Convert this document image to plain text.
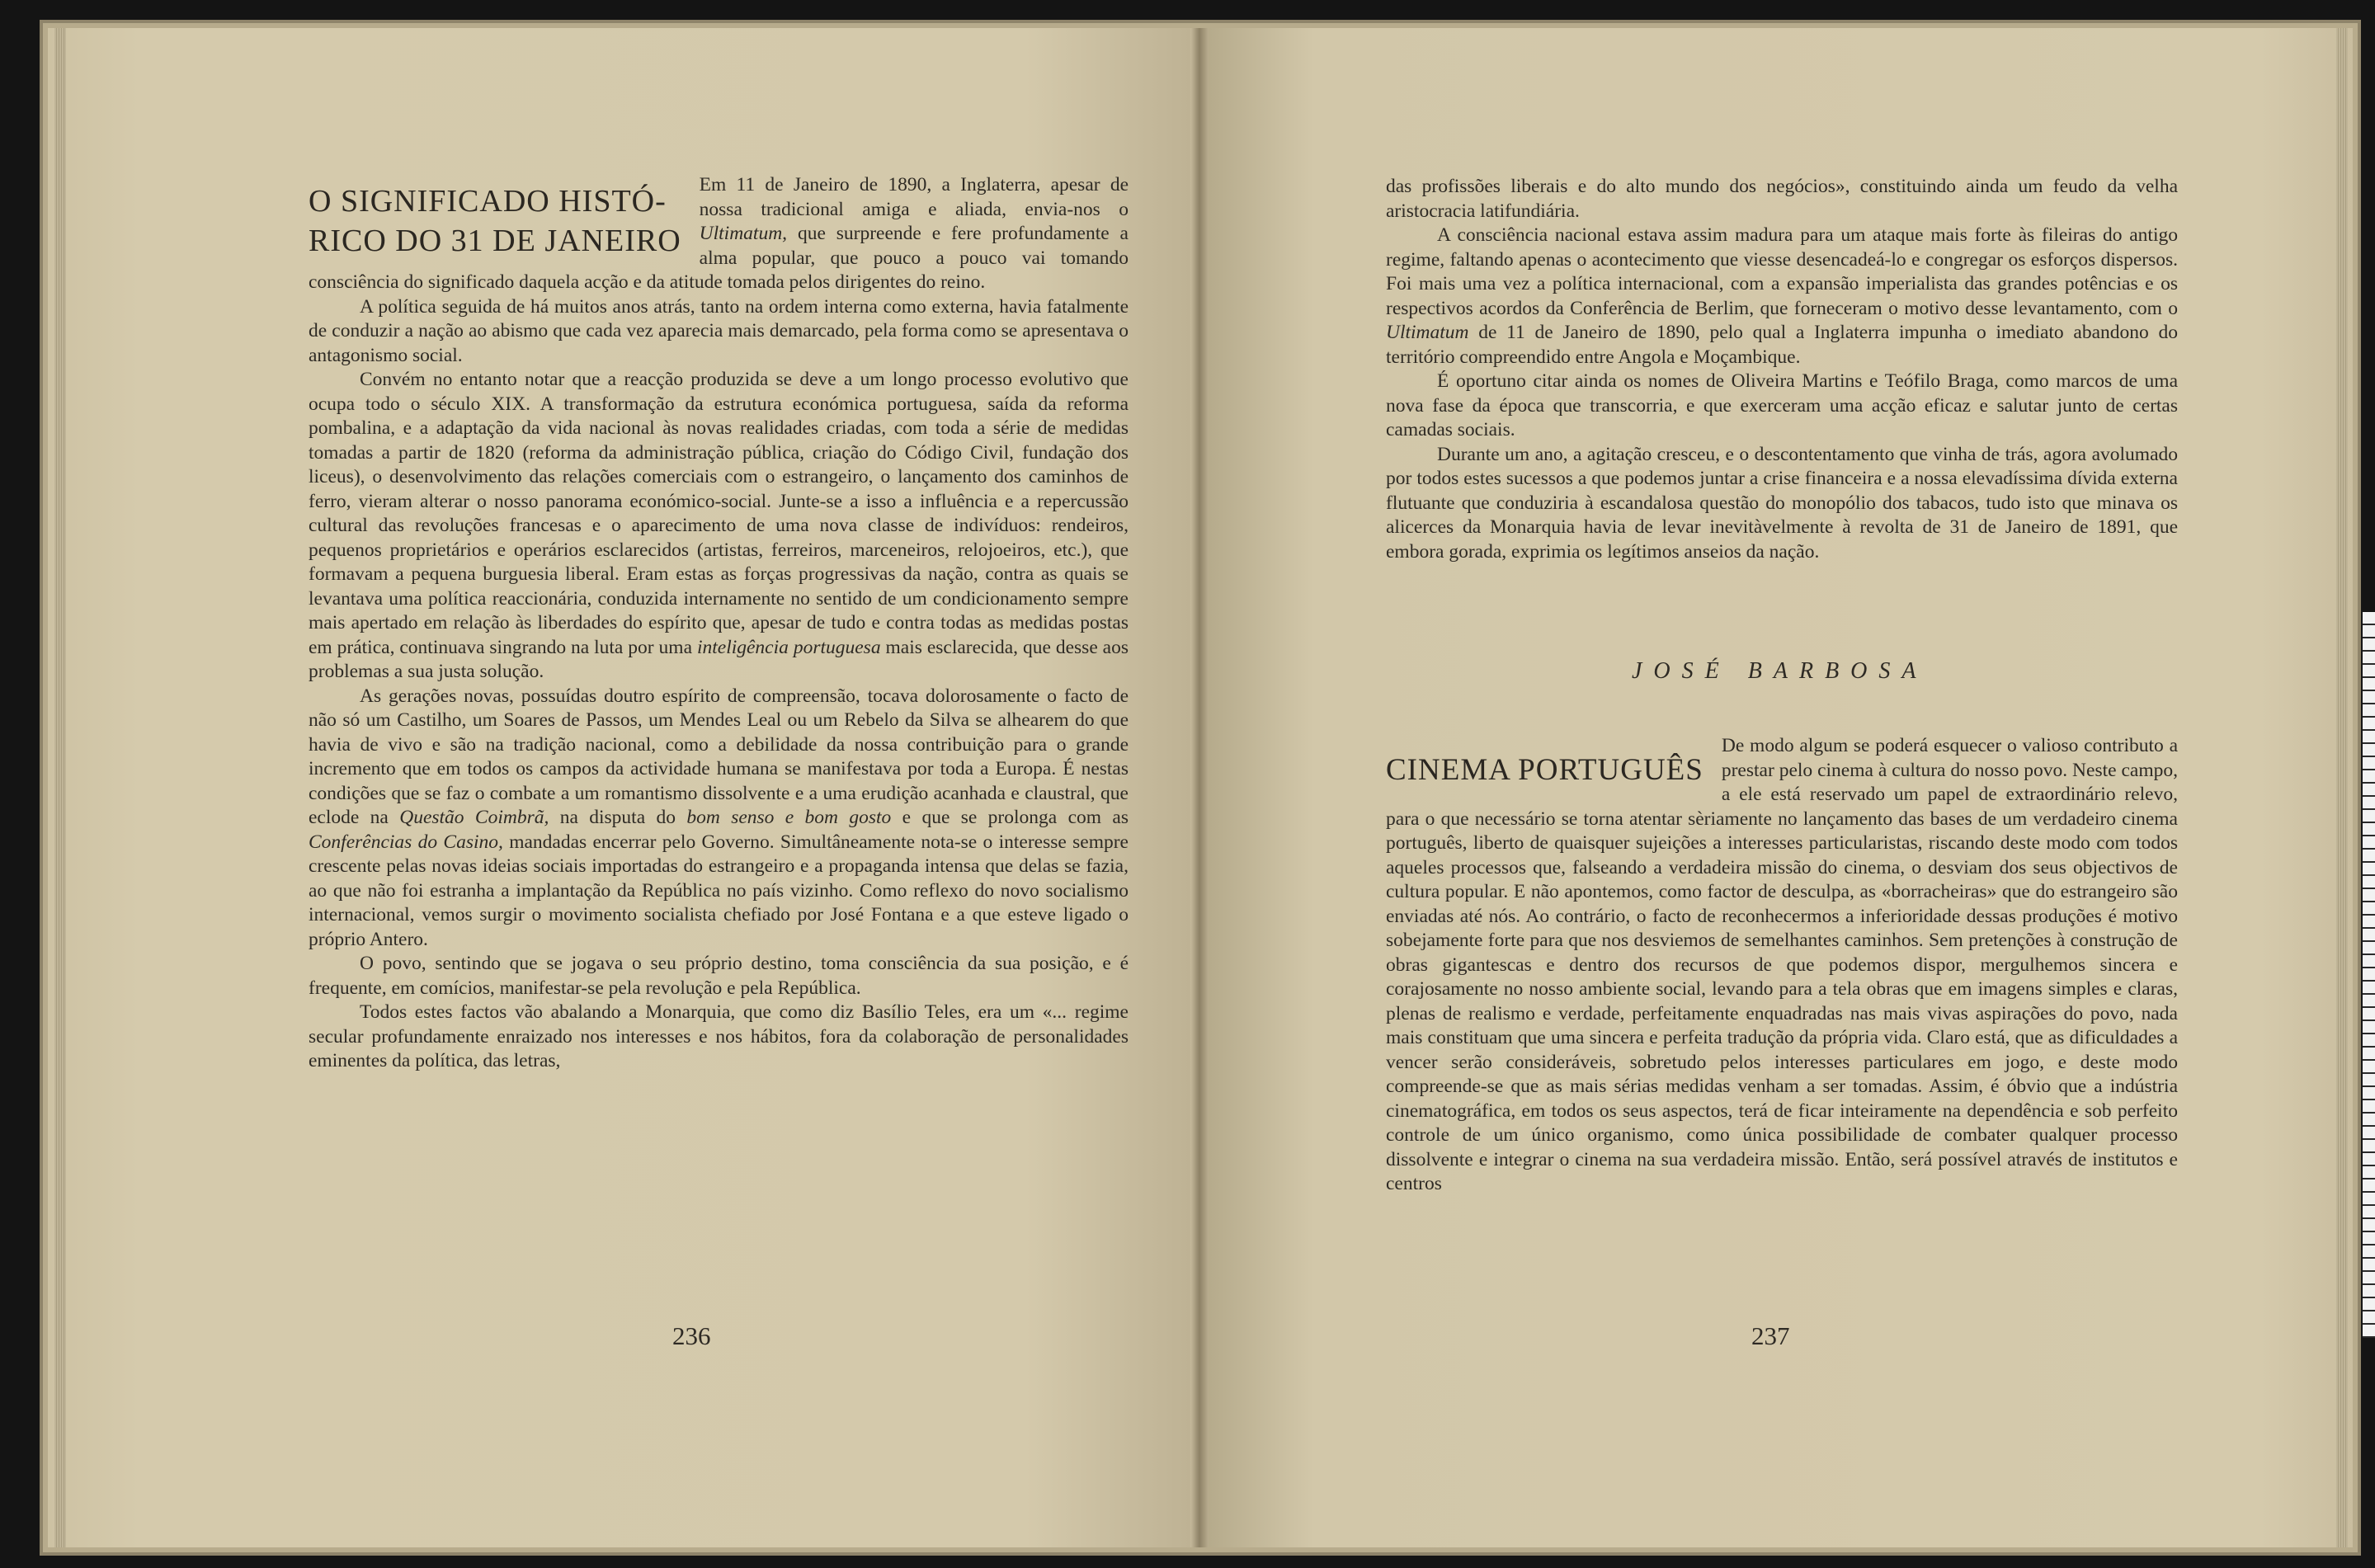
O SIGNIFICADO HISTÓ-
RICO DO 31 DE JANEIRO

Em 11 de Janeiro de 1890, a Inglaterra, apesar de nossa tradicional amiga e aliada, envia-nos o Ultimatum, que surpreende e fere profundamente a alma popular, que pouco a pouco vai tomando consciência do significado daquela acção e da atitude tomada pelos dirigentes do reino.

A política seguida de há muitos anos atrás, tanto na ordem interna como externa, havia fatalmente de conduzir a nação ao abismo que cada vez aparecia mais demarcado, pela forma como se apresentava o antagonismo social.

Convém no entanto notar que a reacção produzida se deve a um longo processo evolutivo que ocupa todo o século XIX. A transformação da estrutura económica portuguesa, saída da reforma pombalina, e a adaptação da vida nacional às novas realidades criadas, com toda a série de medidas tomadas a partir de 1820 (reforma da administração pública, criação do Código Civil, fundação dos liceus), o desenvolvimento das relações comerciais com o estrangeiro, o lançamento dos caminhos de ferro, vieram alterar o nosso panorama económico-social. Junte-se a isso a influência e a repercussão cultural das revoluções francesas e o aparecimento de uma nova classe de indivíduos: rendeiros, pequenos proprietários e operários esclarecidos (artistas, ferreiros, marceneiros, relojoeiros, etc.), que formavam a pequena burguesia liberal. Eram estas as forças progressivas da nação, contra as quais se levantava uma política reaccionária, conduzida internamente no sentido de um condicionamento sempre mais apertado em relação às liberdades do espírito que, apesar de tudo e contra todas as medidas postas em prática, continuava singrando na luta por uma inteligência portuguesa mais esclarecida, que desse aos problemas a sua justa solução.

As gerações novas, possuídas doutro espírito de compreensão, tocava dolorosamente o facto de não só um Castilho, um Soares de Passos, um Mendes Leal ou um Rebelo da Silva se alhearem do que havia de vivo e são na tradição nacional, como a debilidade da nossa contribuição para o grande incremento que em todos os campos da actividade humana se manifestava por toda a Europa. É nestas condições que se faz o combate a um romantismo dissolvente e a uma erudição acanhada e claustral, que eclode na Questão Coimbrã, na disputa do bom senso e bom gosto e que se prolonga com as Conferências do Casino, mandadas encerrar pelo Governo. Simultâneamente nota-se o interesse sempre crescente pelas novas ideias sociais importadas do estrangeiro e a propaganda intensa que delas se fazia, ao que não foi estranha a implantação da República no país vizinho. Como reflexo do novo socialismo internacional, vemos surgir o movimento socialista chefiado por José Fontana e a que esteve ligado o próprio Antero.

O povo, sentindo que se jogava o seu próprio destino, toma consciência da sua posição, e é frequente, em comícios, manifestar-se pela revolução e pela República.

Todos estes factos vão abalando a Monarquia, que como diz Basílio Teles, era um «... regime secular profundamente enraizado nos interesses e nos hábitos, fora da colaboração de personalidades eminentes da política, das letras,

236

das profissões liberais e do alto mundo dos negócios», constituindo ainda um feudo da velha aristocracia latifundiária.

A consciência nacional estava assim madura para um ataque mais forte às fileiras do antigo regime, faltando apenas o acontecimento que viesse desencadeá-lo e congregar os esforços dispersos. Foi mais uma vez a política internacional, com a expansão imperialista das grandes potências e os respectivos acordos da Conferência de Berlim, que forneceram o motivo desse levantamento, com o Ultimatum de 11 de Janeiro de 1890, pelo qual a Inglaterra impunha o imediato abandono do território compreendido entre Angola e Moçambique.

É oportuno citar ainda os nomes de Oliveira Martins e Teófilo Braga, como marcos de uma nova fase da época que transcorria, e que exerceram uma acção eficaz e salutar junto de certas camadas sociais.

Durante um ano, a agitação cresceu, e o descontentamento que vinha de trás, agora avolumado por todos estes sucessos a que podemos juntar a crise financeira e a nossa elevadíssima dívida externa flutuante que conduziria à escandalosa questão do monopólio dos tabacos, tudo isto que minava os alicerces da Monarquia havia de levar inevitàvelmente à revolta de 31 de Janeiro de 1891, que embora gorada, exprimia os legítimos anseios da nação.

JOSÉ BARBOSA
CINEMA PORTUGUÊS

De modo algum se poderá esquecer o valioso contributo a prestar pelo cinema à cultura do nosso povo. Neste campo, a ele está reservado um papel de extraordinário relevo, para o que necessário se torna atentar sèriamente no lançamento das bases de um verdadeiro cinema português, liberto de quaisquer sujeições a interesses particularistas, riscando deste modo com todos aqueles processos que, falseando a verdadeira missão do cinema, o desviam dos seus objectivos de cultura popular. E não apontemos, como factor de desculpa, as «borracheiras» que do estrangeiro são enviadas até nós. Ao contrário, o facto de reconhecermos a inferioridade dessas produções é motivo sobejamente forte para que nos desviemos de semelhantes caminhos. Sem pretenções à construção de obras gigantescas e dentro dos recursos de que podemos dispor, mergulhemos sincera e corajosamente no nosso ambiente social, levando para a tela obras que em imagens simples e claras, plenas de realismo e verdade, perfeitamente enquadradas nas mais vivas aspirações do povo, nada mais constituam que uma sincera e perfeita tradução da própria vida. Claro está, que as dificuldades a vencer serão consideráveis, sobretudo pelos interesses particulares em jogo, e deste modo compreende-se que as mais sérias medidas venham a ser tomadas. Assim, é óbvio que a indústria cinematográfica, em todos os seus aspectos, terá de ficar inteiramente na dependência e sob perfeito controle de um único organismo, como única possibilidade de combater qualquer processo dissolvente e integrar o cinema na sua verdadeira missão. Então, será possível através de institutos e centros

237
